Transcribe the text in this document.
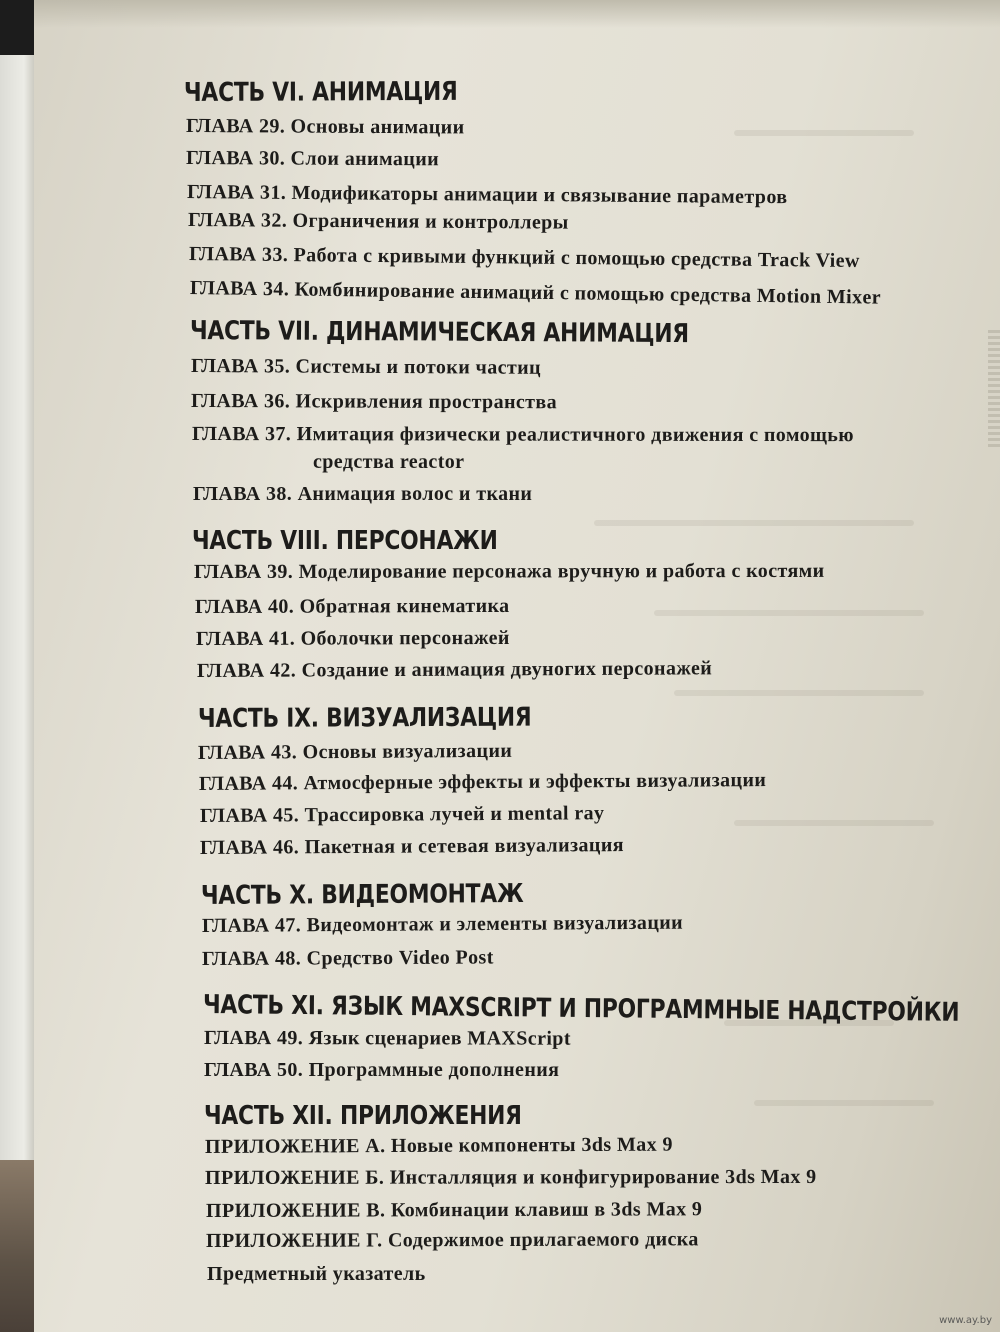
ЧАСТЬ VI. АНИМАЦИЯ
ГЛАВА 29. Основы анимации
ГЛАВА 30. Слои анимации
ГЛАВА 31. Модификаторы анимации и связывание параметров
ГЛАВА 32. Ограничения и контроллеры
ГЛАВА 33. Работа с кривыми функций с помощью средства Track View
ГЛАВА 34. Комбинирование анимаций с помощью средства Motion Mixer
ЧАСТЬ VII. ДИНАМИЧЕСКАЯ АНИМАЦИЯ
ГЛАВА 35. Системы и потоки частиц
ГЛАВА 36. Искривления пространства
ГЛАВА 37. Имитация физически реалистичного движения с помощью
средства reactor
ГЛАВА 38. Анимация волос и ткани
ЧАСТЬ VIII. ПЕРСОНАЖИ
ГЛАВА 39. Моделирование персонажа вручную и работа с костями
ГЛАВА 40. Обратная кинематика
ГЛАВА 41. Оболочки персонажей
ГЛАВА 42. Создание и анимация двуногих персонажей
ЧАСТЬ IX. ВИЗУАЛИЗАЦИЯ
ГЛАВА 43. Основы визуализации
ГЛАВА 44. Атмосферные эффекты и эффекты визуализации
ГЛАВА 45. Трассировка лучей и mental ray
ГЛАВА 46. Пакетная и сетевая визуализация
ЧАСТЬ X. ВИДЕОМОНТАЖ
ГЛАВА 47. Видеомонтаж и элементы визуализации
ГЛАВА 48. Средство Video Post
ЧАСТЬ XI. ЯЗЫК MAXSCRIPT И ПРОГРАММНЫЕ НАДСТРОЙКИ
ГЛАВА 49. Язык сценариев MAXScript
ГЛАВА 50. Программные дополнения
ЧАСТЬ XII. ПРИЛОЖЕНИЯ
ПРИЛОЖЕНИЕ А. Новые компоненты 3ds Max 9
ПРИЛОЖЕНИЕ Б. Инсталляция и конфигурирование 3ds Max 9
ПРИЛОЖЕНИЕ В. Комбинации клавиш в 3ds Max 9
ПРИЛОЖЕНИЕ Г. Содержимое прилагаемого диска
Предметный указатель
www.ay.by
